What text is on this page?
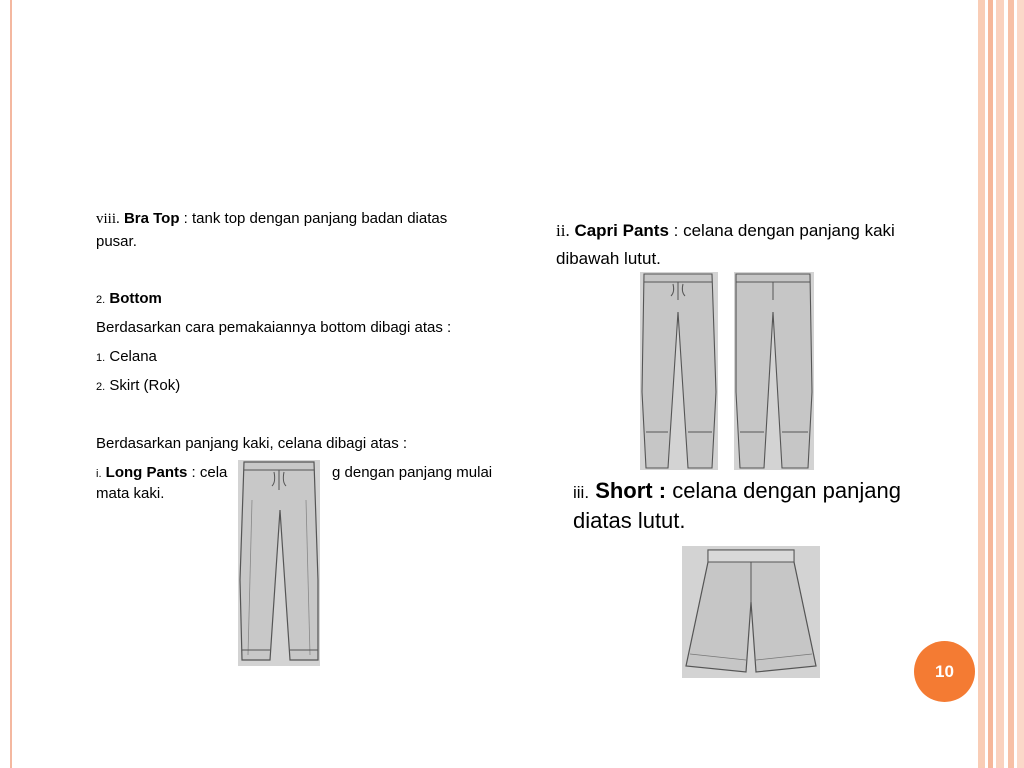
viii. Bra Top : tank top dengan panjang badan diatas
pusar.
2. Bottom
Berdasarkan cara pemakaiannya bottom dibagi atas :
1. Celana
2. Skirt (Rok)
Berdasarkan panjang kaki, celana dibagi atas :
i. Long Pants : cela	g dengan panjang mulai
mata kaki.
ii. Capri Pants : celana dengan panjang kaki
dibawah lutut.
iii. Short : celana dengan panjang
diatas lutut.
10
